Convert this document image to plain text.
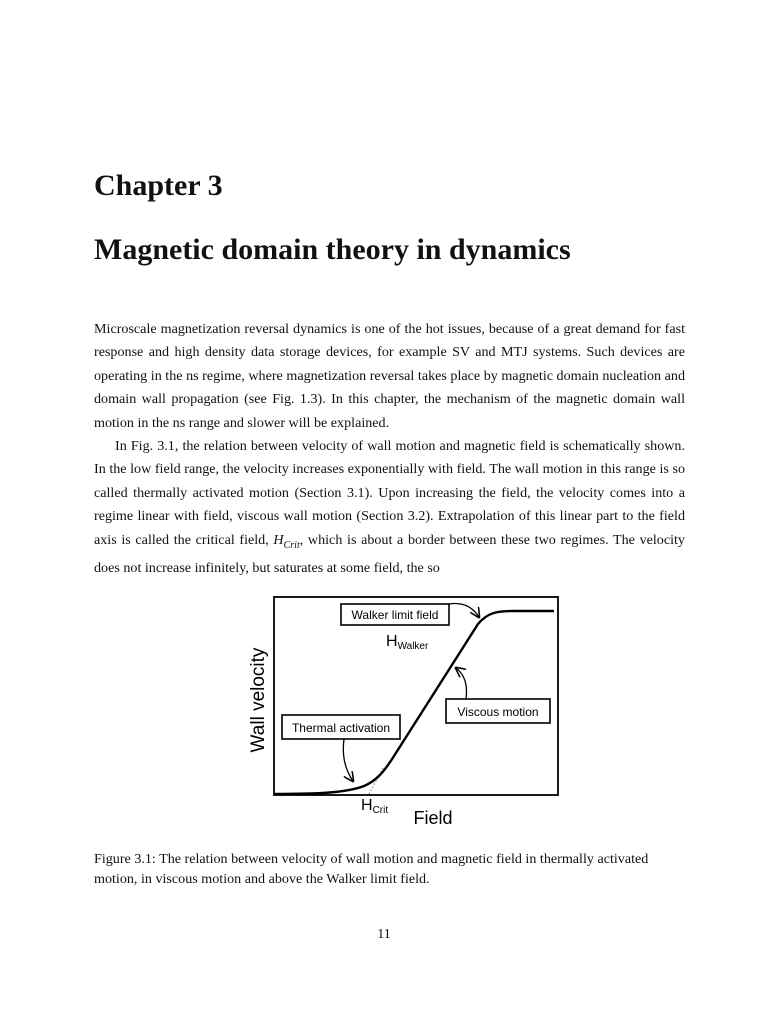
Chapter 3
Magnetic domain theory in dynamics

Microscale magnetization reversal dynamics is one of the hot issues, because of a great demand for fast response and high density data storage devices, for example SV and MTJ systems. Such devices are operating in the ns regime, where magnetization reversal takes place by magnetic domain nucleation and domain wall propagation (see Fig. 1.3). In this chapter, the mechanism of the magnetic domain wall motion in the ns range and slower will be explained.

In Fig. 3.1, the relation between velocity of wall motion and magnetic field is schematically shown. In the low field range, the velocity increases exponentially with field. The wall motion in this range is so called thermally activated motion (Section 3.1). Upon increasing the field, the velocity comes into a regime linear with field, viscous wall motion (Section 3.2). Extrapolation of this linear part to the field axis is called the critical field, $H_{Crit}$, which is about a border between these two regimes. The velocity does not increase infinitely, but saturates at some field, the so

Wall velocity
Field
Walker limit field
HWalker
Viscous motion
Thermal activation
HCrit
Figure 3.1: The relation between velocity of wall motion and magnetic field in thermally activated motion, in viscous motion and above the Walker limit field.
11
